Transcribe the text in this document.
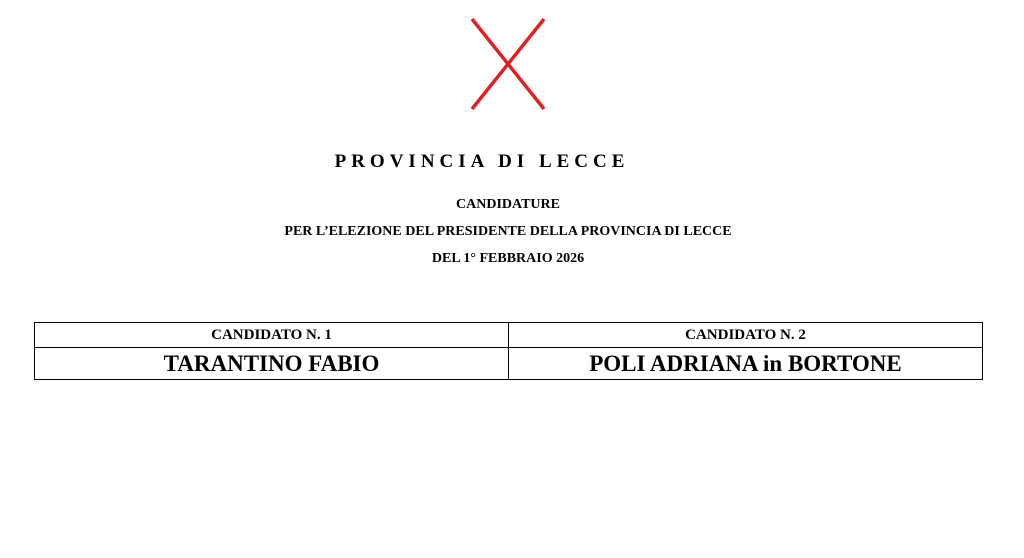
PROVINCIA DI LECCE
CANDIDATURE
PER L’ELEZIONE DEL PRESIDENTE DELLA PROVINCIA DI LECCE
DEL 1° FEBBRAIO 2026
CANDIDATO N. 1	CANDIDATO N. 2
TARANTINO FABIO	POLI ADRIANA in BORTONE
